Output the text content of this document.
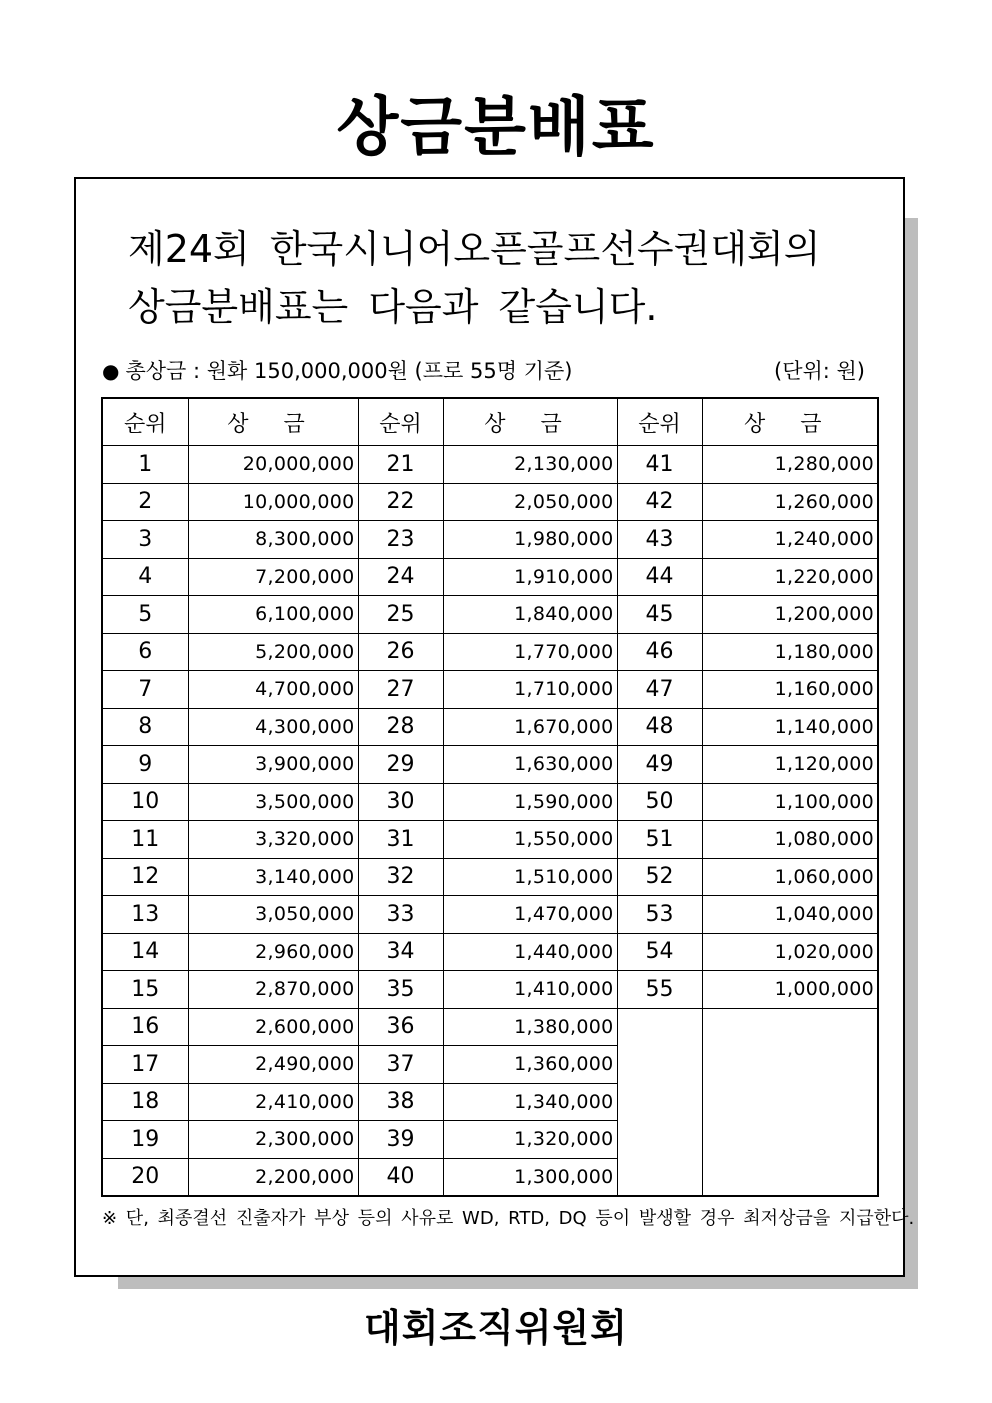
상금분배표
제24회 한국시니어오픈골프선수권대회의
상금분배표는 다음과 같습니다.
● 총상금 : 원화 150,000,000원 (프로 55명 기준)	(단위: 원)
순위	상 금	순위	상 금	순위	상 금
1	20,000,000	21	2,130,000	41	1,280,000
2	10,000,000	22	2,050,000	42	1,260,000
3	8,300,000	23	1,980,000	43	1,240,000
4	7,200,000	24	1,910,000	44	1,220,000
5	6,100,000	25	1,840,000	45	1,200,000
6	5,200,000	26	1,770,000	46	1,180,000
7	4,700,000	27	1,710,000	47	1,160,000
8	4,300,000	28	1,670,000	48	1,140,000
9	3,900,000	29	1,630,000	49	1,120,000
10	3,500,000	30	1,590,000	50	1,100,000
11	3,320,000	31	1,550,000	51	1,080,000
12	3,140,000	32	1,510,000	52	1,060,000
13	3,050,000	33	1,470,000	53	1,040,000
14	2,960,000	34	1,440,000	54	1,020,000
15	2,870,000	35	1,410,000	55	1,000,000
16	2,600,000	36	1,380,000		
17	2,490,000	37	1,360,000		
18	2,410,000	38	1,340,000		
19	2,300,000	39	1,320,000		
20	2,200,000	40	1,300,000		
※ 단, 최종결선 진출자가 부상 등의 사유로 WD, RTD, DQ 등이 발생할 경우 최저상금을 지급한다.
대회조직위원회
